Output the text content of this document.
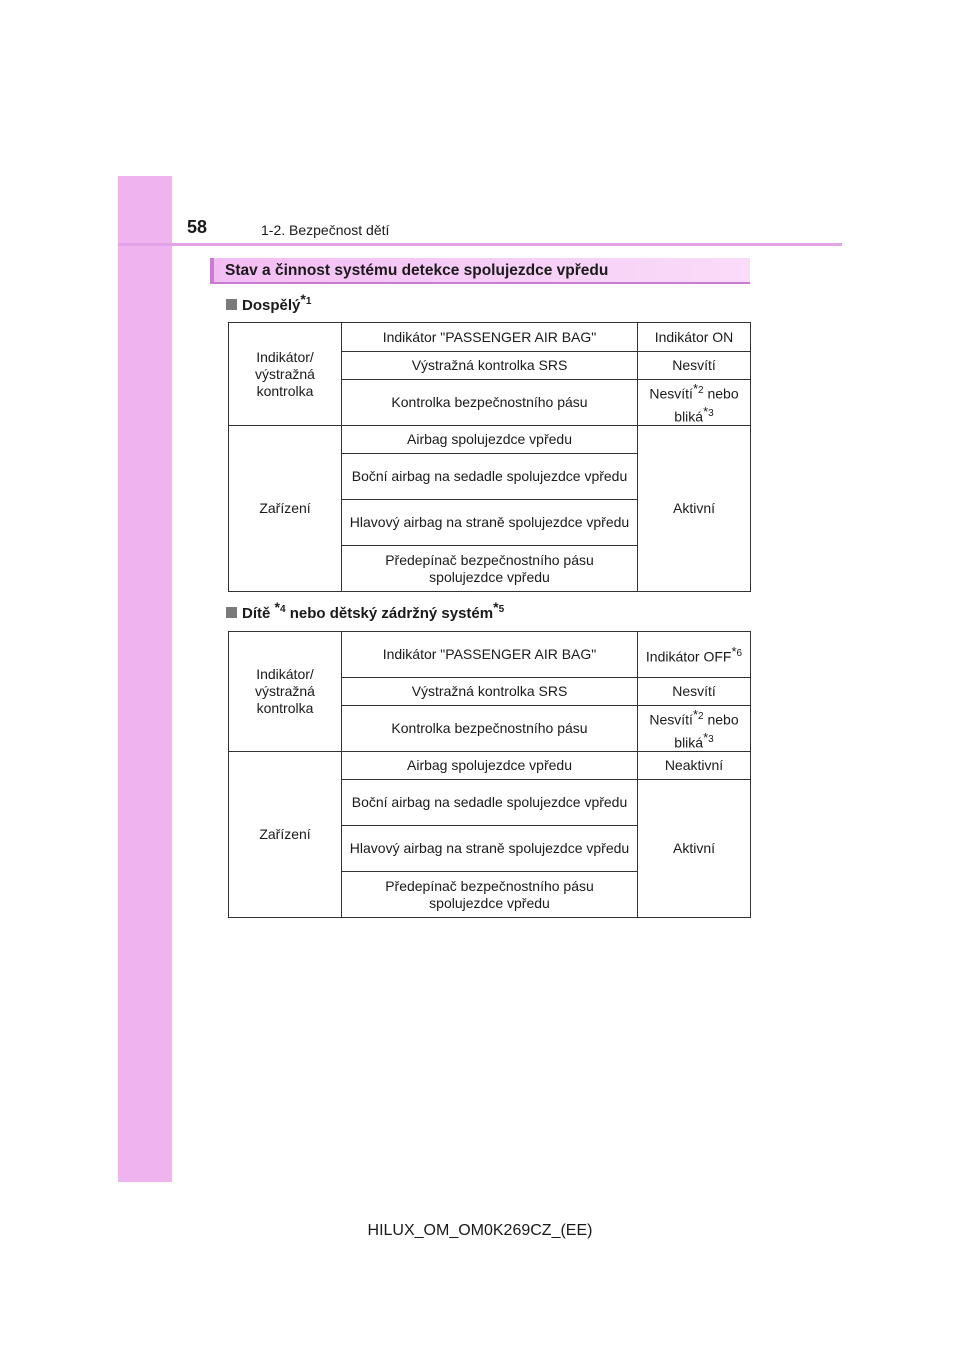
58	1-2. Bezpečnost dětí
Stav a činnost systému detekce spolujezdce vpředu
Dospělý$^{*1}$
Indikátor/ výstražná kontrolka	Indikátor "PASSENGER AIR BAG"	Indikátor ON
	Výstražná kontrolka SRS	Nesvítí
	Kontrolka bezpečnostního pásu	Nesvítí$^{*2}$ nebo bliká$^{*3}$
Zařízení	Airbag spolujezdce vpředu	Aktivní
	Boční airbag na sedadle spolujezdce vpředu	
	Hlavový airbag na straně spolujezdce vpředu	
	Předepínač bezpečnostního pásu spolujezdce vpředu	
Dítě $^{*4}$ nebo dětský zádržný systém$^{*5}$
Indikátor/ výstražná kontrolka	Indikátor "PASSENGER AIR BAG"	Indikátor OFF$^{*6}$
	Výstražná kontrolka SRS	Nesvítí
	Kontrolka bezpečnostního pásu	Nesvítí$^{*2}$ nebo bliká$^{*3}$
Zařízení	Airbag spolujezdce vpředu	Neaktivní
	Boční airbag na sedadle spolujezdce vpředu	Aktivní
	Hlavový airbag na straně spolujezdce vpředu	
	Předepínač bezpečnostního pásu spolujezdce vpředu	
HILUX_OM_OM0K269CZ_(EE)
